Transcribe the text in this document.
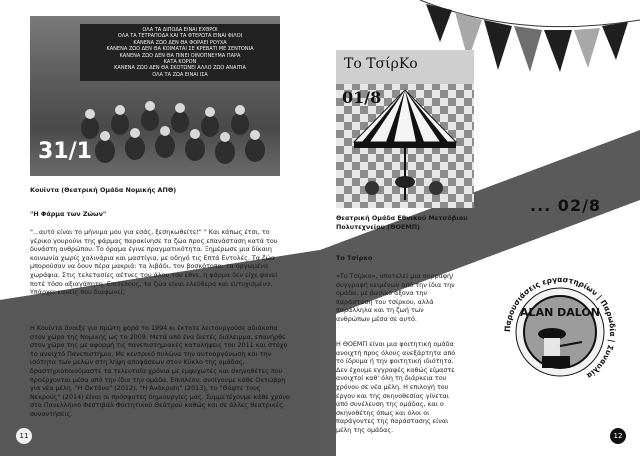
ΟΛΑ ΤΑ ΔΙΠΟΔΑ ΕΙΝΑΙ ΕΧΘΡΟΙ
ΟΛΑ ΤΑ ΤΕΤΡΑΠΟΔΑ ΚΑΙ ΤΑ ΦΤΕΡΩΤΑ ΕΙΝΑΙ ΦΙΛΟΙ
ΚΑΝΕΝΑ ΖΩΟ ΔΕΝ ΘΑ ΦΟΡΑΕΙ ΡΟΥΧΑ
ΚΑΝΕΝΑ ΖΩΟ ΔΕΝ ΘΑ ΚΟΙΜΑΤΑΙ ΣΕ ΚΡΕΒΑΤΙ ΜΕ ΣΕΝΤΟΝΙΑ
ΚΑΝΕΝΑ ΖΩΟ ΔΕΝ ΘΑ ΠΙΝΕΙ ΟΙΝΟΠΝΕΥΜΑ ΠΑΡΑ
ΚΑΤΑ ΚΟΡΟΝ
ΚΑΝΕΝΑ ΖΩΟ ΔΕΝ ΘΑ ΣΚΟΤΩΝΕΙ ΑΛΛΟ ΖΩΟ ΑΝΑΙΤΙΑ
ΟΛΑ ΤΑ ΖΩΑ ΕΙΝΑΙ ΙΣΑ
31/1
Κουίντα (Θεατρική Ομάδα Νομικής ΑΠΘ)
"Η Φάρμα των Ζώων"
"...αυτό είναι το μήνυμα μου για εσάς, ξεσηκωθείτε!" " Και κάπως έτσι, το γέρικο γουρούνι της φάρμας παρακίνησε τα ζώα προς επανάσταση κατά του δυνάστη ανθρώπου. Το όραμα έγινε πραγματικότητα. Ξημέρωσε μια δίκαιη κοινωνία χωρίς χαλινάρια και μαστίγια, με οδηγό τις Επτά Εντολές. Τα ζώα μπορούσαν να δουν πέρα μακριά: τα λιβάδι, τον βοσκότοπο, τα οργωμένα χωράφια. Στις τελετασίες αέτνες του άλου του έθνε, η φάρμα δεν είχε φανεί ποτέ τόσο αξιαγάπητη. Επιτέλους, τα ζώα είναι ελεύθερα και ευτυχισμένα. Υπάρχει κανείς που διαφωνεί;
Η Κουίντα άνοιξε για πρώτη φορά το 1994 κι έκτοτε λειτουργούσε αδιάκοπα στον χώρο της Νομικής ως το 2009. Μετά από ένα διετές διάλειμμα, επανήρθε στον χώρο της με αφορμή τις πανεπιστημιακές καταλήψεις του 2011 και στόχο το ανοιχτό Πανεπιστήμιο. Με κεντρικό πυλώνα την αυτοοργάνωση και την ισότητα των μελών στη λήψη αποφάσεων στον Κύκλο της ομάδας, δραστηριοποιούμαστε τα τελευταία χρόνια με εμψυχωτές και σκηνοθέτες που προέρχονται μέσα από την ίδια την ομάδα. Επιπλέον, ανοίγουμε κάθε Οκτώβρη για νέα μέλη. "Η Οκτάνα" (2012), "Η Ανάκριση" (2013), το "Θάψτε τους Νεκρούς" (2014) είναι οι πρόσφατες δημιουργίες μας. Συμμετέχουμε κάθε χρόνο στο Πανελλήνιο Φεστιβάλ Φοιτητικού Θεάτρου καθώς και σε άλλες θεατρικές συναντήσεις.
11
Το ΤσίρΚο
01/8
... 02/8
Θεατρική Ομάδα Εθνικού Μετσόβιου Πολυτεχνείου (ΘΟΕΜΠ)
Το Τσίρκο
«Το Τσίρκο», αποτελεί μια συρραφή/συγγραφή κειμένων από την ίδια την ομάδα, με βασικό άξονα την παράσταση του τσίρκου, αλλά παράλληλα και τη ζωή των ανθρώπων μέσα σε αυτό.
Η ΘΟΕΜΠ είναι μια φοιτητική ομάδα ανοιχτή προς όλους ανεξάρτητα από το ίδρυμα ή την φοιτητική ιδιότητα. Δεν έχουμε εγγραφές καθώς είμαστε ανοιχτοί καθ' όλη τη διάρκεια του χρόνου σε νέα μέλη. Η επιλογή του έργου και της σκηνοθεσίας γίνεται από συνέλευση της ομάδας, και ο σκηνοθέτης όπως και όλοι οι παράγοντες της παράστασης είναι μέλη της ομάδας.
Παρουσιάσεις εργαστηρίων | Παρωδία | Συναυλία
ALAN DALON
12
